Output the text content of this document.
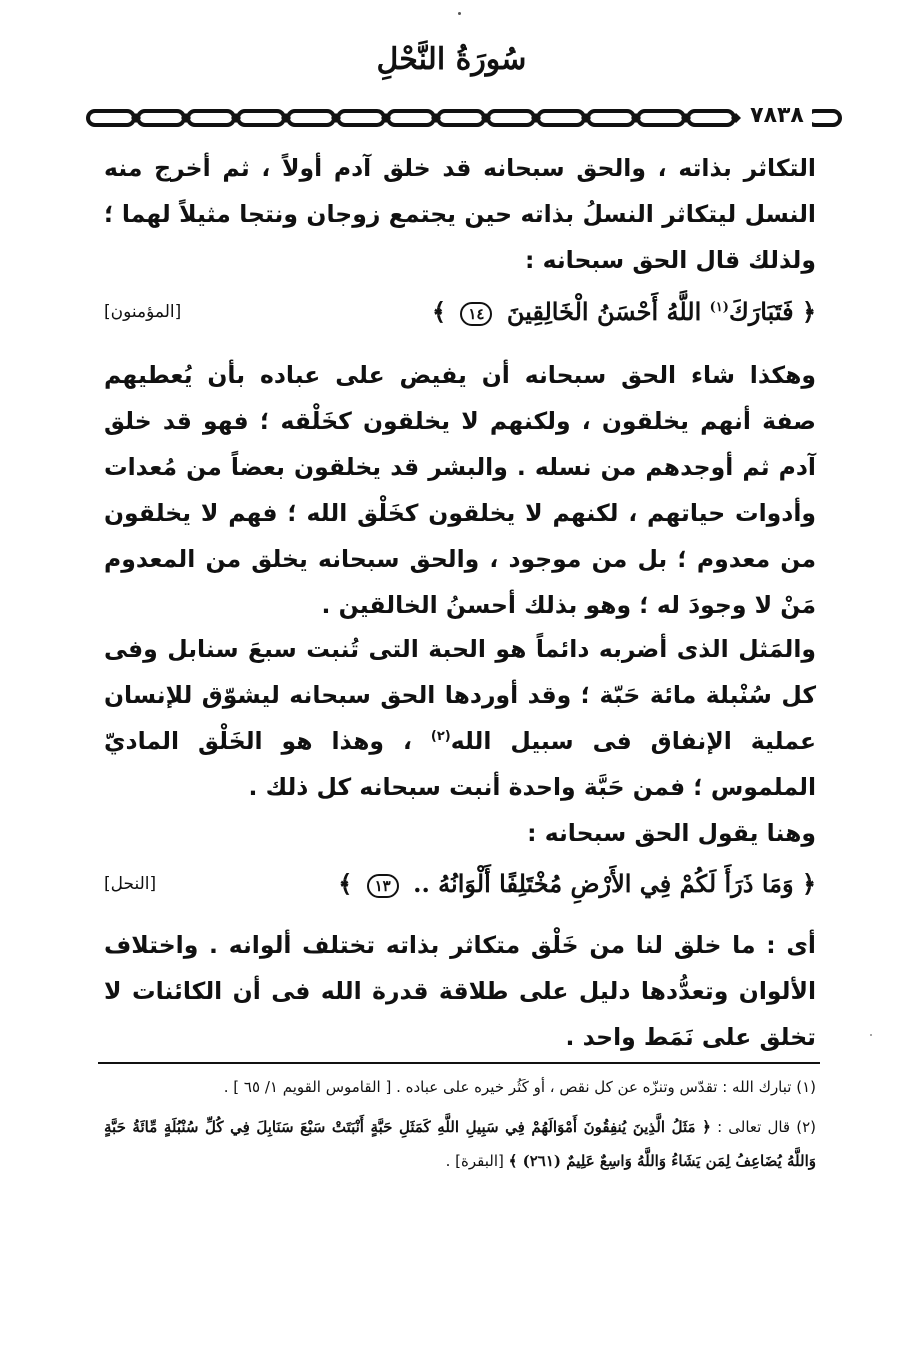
سُورَةُ النَّحْلِ
٧٨٣٨

التكاثر بذاته ، والحق سبحانه قد خلق آدم أولاً ، ثم أخرج منه النسل ليتكاثر النسلُ بذاته حين يجتمع زوجان ونتجا مثيلاً لهما ؛ ولذلك قال الحق سبحانه :

﴿ فَتَبَارَكَ$^{(١)}$ اللَّهُ أَحْسَنُ الْخَالِقِينَ ١٤ ﴾
[المؤمنون]

وهكذا شاء الحق سبحانه أن يفيض على عباده بأن يُعطيهم صفة أنهم يخلقون ، ولكنهم لا يخلقون كخَلْقه ؛ فهو قد خلق آدم ثم أوجدهم من نسله . والبشر قد يخلقون بعضاً من مُعدات وأدوات حياتهم ، لكنهم لا يخلقون كخَلْق الله ؛ فهم لا يخلقون من معدوم ؛ بل من موجود ، والحق سبحانه يخلق من المعدوم مَنْ لا وجودَ له ؛ وهو بذلك أحسنُ الخالقين .

والمَثل الذى أضربه دائماً هو الحبة التى تُنبت سبعَ سنابل وفى كل سُنْبلة مائة حَبّة ؛ وقد أوردها الحق سبحانه ليشوّق للإنسان عملية الإنفاق فى سبيل الله$^{(٢)}$ ، وهذا هو الخَلْق الماديّ الملموس ؛ فمن حَبَّة واحدة أنبت سبحانه كل ذلك .

وهنا يقول الحق سبحانه :

﴿ وَمَا ذَرَأَ لَكُمْ فِي الأَرْضِ مُخْتَلِفًا أَلْوَانُهُ .. ١٣ ﴾
[النحل]

أى : ما خلق لنا من خَلْق متكاثر بذاته تختلف ألوانه . واختلاف الألوان وتعدُّدها دليل على طلاقة قدرة الله فى أن الكائنات لا تخلق على نَمَط واحد .

(١) تبارك الله : تقدّس وتنزّه عن كل نقص ، أو كَثُر خيره على عباده . [ القاموس القويم ١/ ٦٥ ] .

(٢) قال تعالى : ﴿ مَثَلُ الَّذِينَ يُنفِقُونَ أَمْوَالَهُمْ فِي سَبِيلِ اللَّهِ كَمَثَلِ حَبَّةٍ أَنْبَتَتْ سَبْعَ سَنَابِلَ فِي كُلِّ سُنْبُلَةٍ مِّائَةُ حَبَّةٍ وَاللَّهُ يُضَاعِفُ لِمَن يَشَاءُ وَاللَّهُ وَاسِعٌ عَلِيمٌ (٢٦١) ﴾ [البقرة] .
